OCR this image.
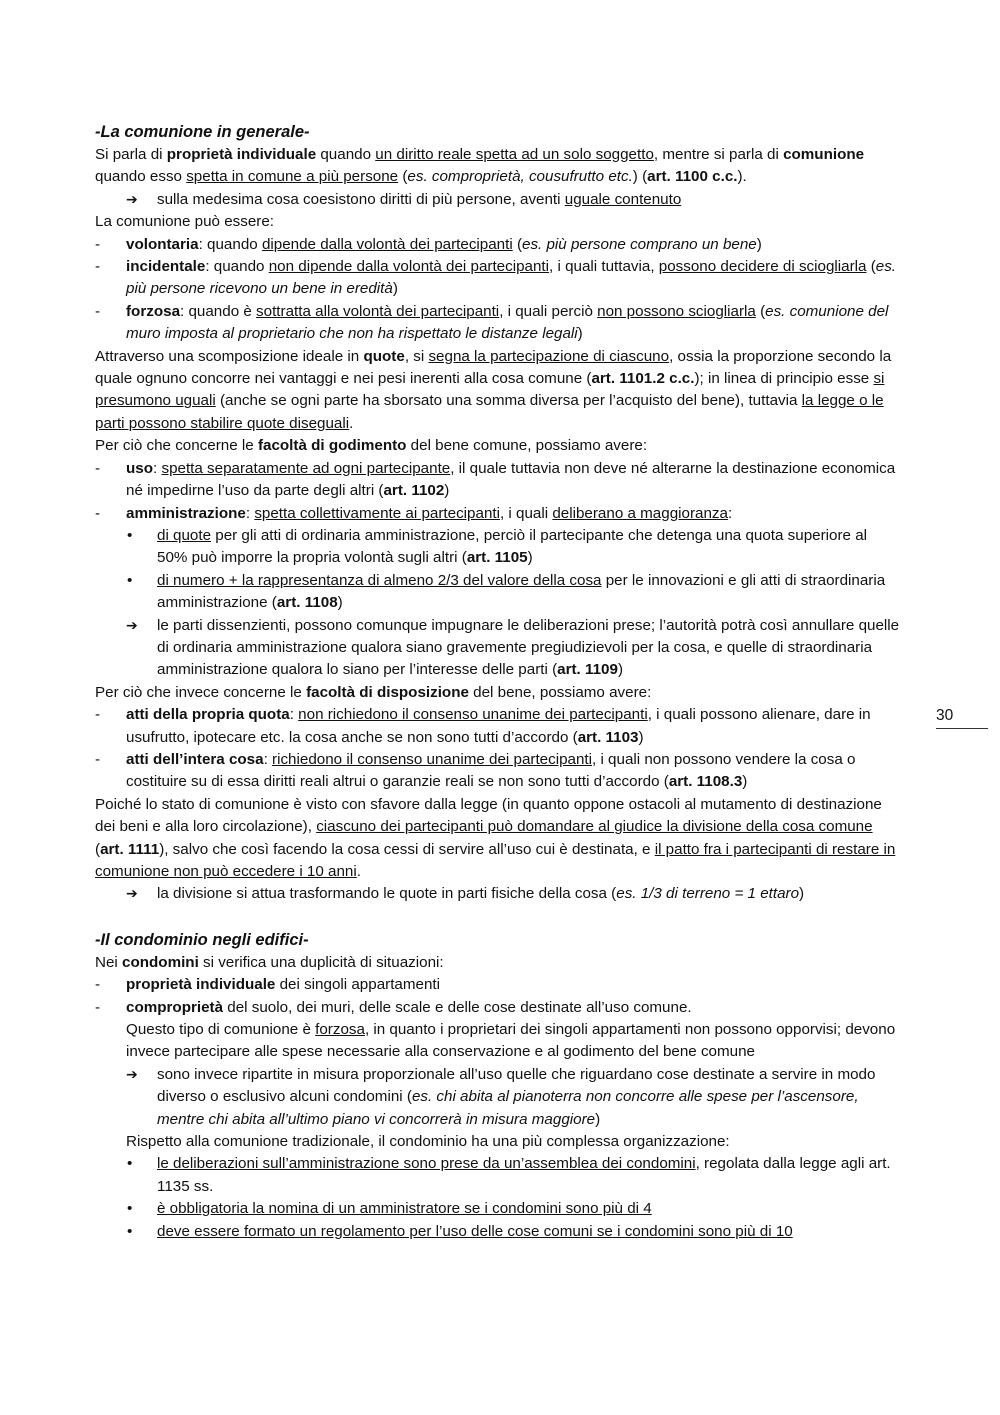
-La comunione in generale-

Si parla di proprietà individuale quando un diritto reale spetta ad un solo soggetto, mentre si parla di comunione quando esso spetta in comune a più persone (es. comproprietà, cousufrutto etc.) (art. 1100 c.c.).

➔ sulla medesima cosa coesistono diritti di più persone, aventi uguale contenuto

La comunione può essere:

- volontaria: quando dipende dalla volontà dei partecipanti (es. più persone comprano un bene)

- incidentale: quando non dipende dalla volontà dei partecipanti, i quali tuttavia, possono decidere di sciogliarla (es. più persone ricevono un bene in eredità)

- forzosa: quando è sottratta alla volontà dei partecipanti, i quali perciò non possono sciogliarla (es. comunione del muro imposta al proprietario che non ha rispettato le distanze legali)

Attraverso una scomposizione ideale in quote, si segna la partecipazione di ciascuno, ossia la proporzione secondo la quale ognuno concorre nei vantaggi e nei pesi inerenti alla cosa comune (art. 1101.2 c.c.); in linea di principio esse si presumono uguali (anche se ogni parte ha sborsato una somma diversa per l’acquisto del bene), tuttavia la legge o le parti possono stabilire quote diseguali.

Per ciò che concerne le facoltà di godimento del bene comune, possiamo avere:

- uso: spetta separatamente ad ogni partecipante, il quale tuttavia non deve né alterarne la destinazione economica né impedirne l’uso da parte degli altri (art. 1102)

- amministrazione: spetta collettivamente ai partecipanti, i quali deliberano a maggioranza:

• di quote per gli atti di ordinaria amministrazione, perciò il partecipante che detenga una quota superiore al 50% può imporre la propria volontà sugli altri (art. 1105)

• di numero + la rappresentanza di almeno 2/3 del valore della cosa per le innovazioni e gli atti di straordinaria amministrazione (art. 1108)

➔ le parti dissenzienti, possono comunque impugnare le deliberazioni prese; l’autorità potrà così annullare quelle di ordinaria amministrazione qualora siano gravemente pregiudizievoli per la cosa, e quelle di straordinaria amministrazione qualora lo siano per l’interesse delle parti (art. 1109)

Per ciò che invece concerne le facoltà di disposizione del bene, possiamo avere:

- atti della propria quota: non richiedono il consenso unanime dei partecipanti, i quali possono alienare, dare in usufrutto, ipotecare etc. la cosa anche se non sono tutti d’accordo (art. 1103)

- atti dell’intera cosa: richiedono il consenso unanime dei partecipanti, i quali non possono vendere la cosa o costituire su di essa diritti reali altrui o garanzie reali se non sono tutti d’accordo (art. 1108.3)

Poiché lo stato di comunione è visto con sfavore dalla legge (in quanto oppone ostacoli al mutamento di destinazione dei beni e alla loro circolazione), ciascuno dei partecipanti può domandare al giudice la divisione della cosa comune (art. 1111), salvo che così facendo la cosa cessi di servire all’uso cui è destinata, e il patto fra i partecipanti di restare in comunione non può eccedere i 10 anni.

➔ la divisione si attua trasformando le quote in parti fisiche della cosa (es. 1/3 di terreno = 1 ettaro)

-Il condominio negli edifici-

Nei condomini si verifica una duplicità di situazioni:

- proprietà individuale dei singoli appartamenti

- comproprietà del suolo, dei muri, delle scale e delle cose destinate all’uso comune.

Questo tipo di comunione è forzosa, in quanto i proprietari dei singoli appartamenti non possono opporvisi; devono invece partecipare alle spese necessarie alla conservazione e al godimento del bene comune

➔ sono invece ripartite in misura proporzionale all’uso quelle che riguardano cose destinate a servire in modo diverso o esclusivo alcuni condomini (es. chi abita al pianoterra non concorre alle spese per l’ascensore, mentre chi abita all’ultimo piano vi concorrerà in misura maggiore)

Rispetto alla comunione tradizionale, il condominio ha una più complessa organizzazione:

• le deliberazioni sull’amministrazione sono prese da un’assemblea dei condomini, regolata dalla legge agli art. 1135 ss.

• è obbligatoria la nomina di un amministratore se i condomini sono più di 4

• deve essere formato un regolamento per l’uso delle cose comuni se i condomini sono più di 10

30
